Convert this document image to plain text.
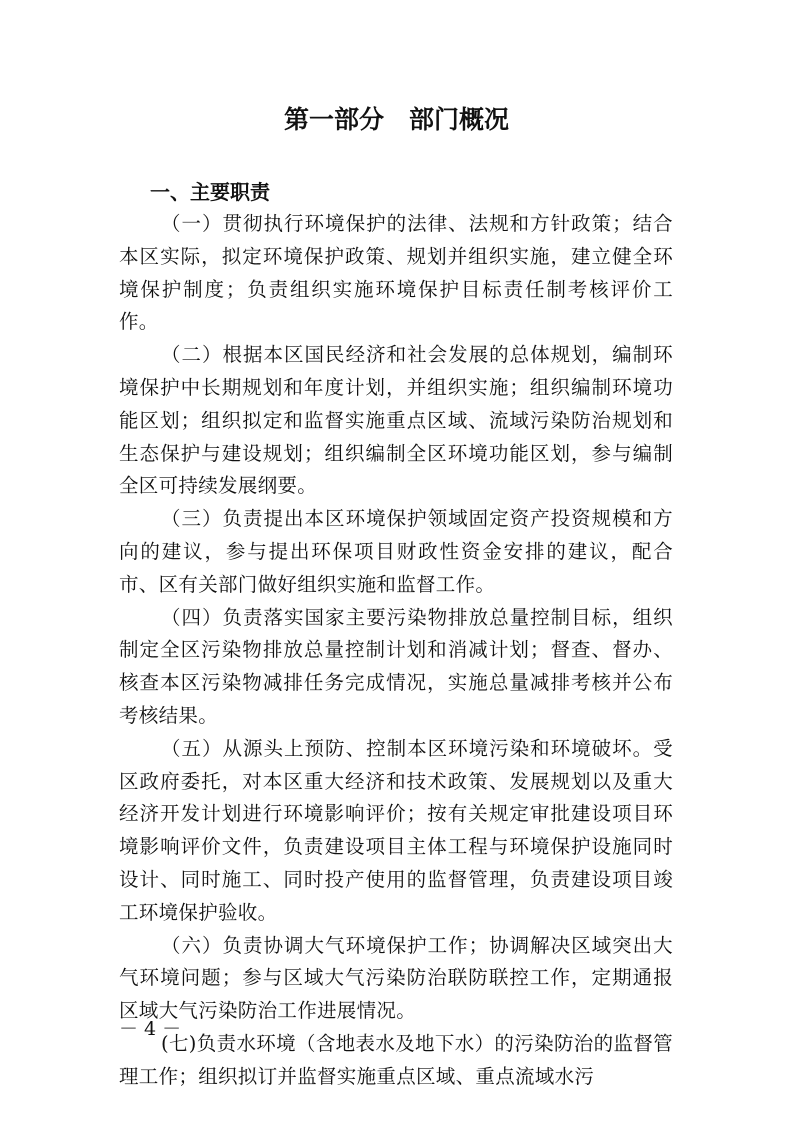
第一部分　部门概况
一、主要职责

（一）贯彻执行环境保护的法律、法规和方针政策；结合本区实际，拟定环境保护政策、规划并组织实施，建立健全环境保护制度；负责组织实施环境保护目标责任制考核评价工作。

（二）根据本区国民经济和社会发展的总体规划，编制环境保护中长期规划和年度计划，并组织实施；组织编制环境功能区划；组织拟定和监督实施重点区域、流域污染防治规划和生态保护与建设规划；组织编制全区环境功能区划，参与编制全区可持续发展纲要。

（三）负责提出本区环境保护领域固定资产投资规模和方向的建议，参与提出环保项目财政性资金安排的建议，配合市、区有关部门做好组织实施和监督工作。

（四）负责落实国家主要污染物排放总量控制目标，组织制定全区污染物排放总量控制计划和消减计划；督查、督办、核查本区污染物减排任务完成情况，实施总量减排考核并公布考核结果。

（五）从源头上预防、控制本区环境污染和环境破坏。受区政府委托，对本区重大经济和技术政策、发展规划以及重大经济开发计划进行环境影响评价；按有关规定审批建设项目环境影响评价文件，负责建设项目主体工程与环境保护设施同时设计、同时施工、同时投产使用的监督管理，负责建设项目竣工环境保护验收。

（六）负责协调大气环境保护工作；协调解决区域突出大气环境问题；参与区域大气污染防治联防联控工作，定期通报区域大气污染防治工作进展情况。

(七)负责水环境（含地表水及地下水）的污染防治的监督管理工作；组织拟订并监督实施重点区域、重点流域水污

－ 4 －
